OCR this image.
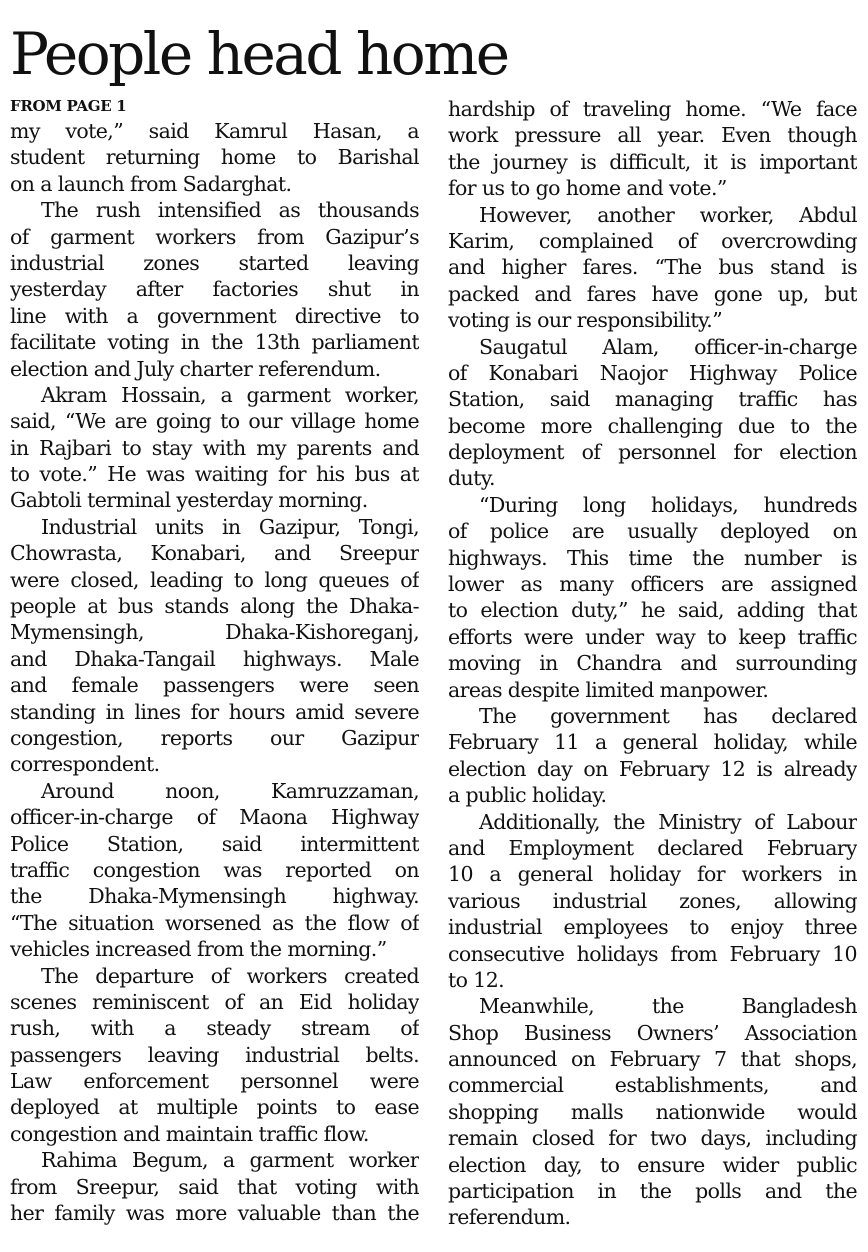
People head home
FROM PAGE 1
my vote,” said Kamrul Hasan, a
student returning home to Barishal
on a launch from Sadarghat.
The rush intensified as thousands
of garment workers from Gazipur’s
industrial zones started leaving
yesterday after factories shut in
line with a government directive to
facilitate voting in the 13th parliament
election and July charter referendum.
Akram Hossain, a garment worker,
said, “We are going to our village home
in Rajbari to stay with my parents and
to vote.” He was waiting for his bus at
Gabtoli terminal yesterday morning.
Industrial units in Gazipur, Tongi,
Chowrasta, Konabari, and Sreepur
were closed, leading to long queues of
people at bus stands along the Dhaka-
Mymensingh, Dhaka-Kishoreganj,
and Dhaka-Tangail highways. Male
and female passengers were seen
standing in lines for hours amid severe
congestion, reports our Gazipur
correspondent.
Around noon, Kamruzzaman,
officer-in-charge of Maona Highway
Police Station, said intermittent
traffic congestion was reported on
the Dhaka-Mymensingh highway.
“The situation worsened as the flow of
vehicles increased from the morning.”
The departure of workers created
scenes reminiscent of an Eid holiday
rush, with a steady stream of
passengers leaving industrial belts.
Law enforcement personnel were
deployed at multiple points to ease
congestion and maintain traffic flow.
Rahima Begum, a garment worker
from Sreepur, said that voting with
her family was more valuable than the
hardship of traveling home. “We face
work pressure all year. Even though
the journey is difficult, it is important
for us to go home and vote.”
However, another worker, Abdul
Karim, complained of overcrowding
and higher fares. “The bus stand is
packed and fares have gone up, but
voting is our responsibility.”
Saugatul Alam, officer-in-charge
of Konabari Naojor Highway Police
Station, said managing traffic has
become more challenging due to the
deployment of personnel for election
duty.
“During long holidays, hundreds
of police are usually deployed on
highways. This time the number is
lower as many officers are assigned
to election duty,” he said, adding that
efforts were under way to keep traffic
moving in Chandra and surrounding
areas despite limited manpower.
The government has declared
February 11 a general holiday, while
election day on February 12 is already
a public holiday.
Additionally, the Ministry of Labour
and Employment declared February
10 a general holiday for workers in
various industrial zones, allowing
industrial employees to enjoy three
consecutive holidays from February 10
to 12.
Meanwhile, the Bangladesh
Shop Business Owners’ Association
announced on February 7 that shops,
commercial establishments, and
shopping malls nationwide would
remain closed for two days, including
election day, to ensure wider public
participation in the polls and the
referendum.
